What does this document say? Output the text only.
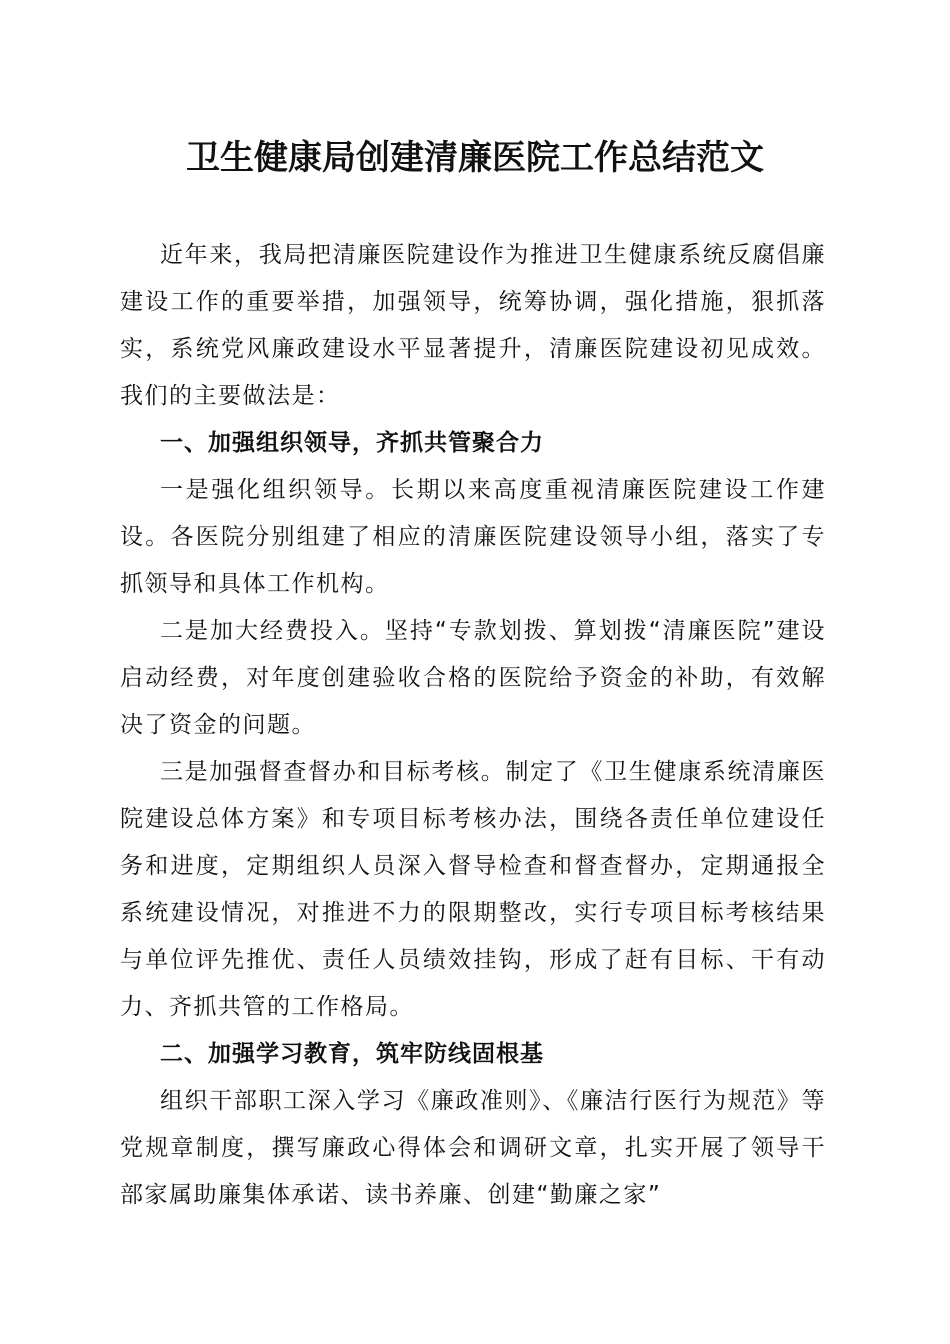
卫生健康局创建清廉医院工作总结范文

近年来，我局把清廉医院建设作为推进卫生健康系统反腐倡廉建设工作的重要举措，加强领导，统筹协调，强化措施，狠抓落实，系统党风廉政建设水平显著提升，清廉医院建设初见成效。我们的主要做法是：

一、加强组织领导，齐抓共管聚合力

一是强化组织领导。长期以来高度重视清廉医院建设工作建设。各医院分别组建了相应的清廉医院建设领导小组，落实了专抓领导和具体工作机构。

二是加大经费投入。坚持“专款划拨、算划拨“清廉医院”建设启动经费，对年度创建验收合格的医院给予资金的补助，有效解决了资金的问题。

三是加强督查督办和目标考核。制定了《卫生健康系统清廉医院建设总体方案》和专项目标考核办法，围绕各责任单位建设任务和进度，定期组织人员深入督导检查和督查督办，定期通报全系统建设情况，对推进不力的限期整改，实行专项目标考核结果与单位评先推优、责任人员绩效挂钩，形成了赶有目标、干有动力、齐抓共管的工作格局。

二、加强学习教育，筑牢防线固根基

组织干部职工深入学习《廉政准则》、《廉洁行医行为规范》等党规章制度，撰写廉政心得体会和调研文章，扎实开展了领导干部家属助廉集体承诺、读书养廉、创建“勤廉之家”
